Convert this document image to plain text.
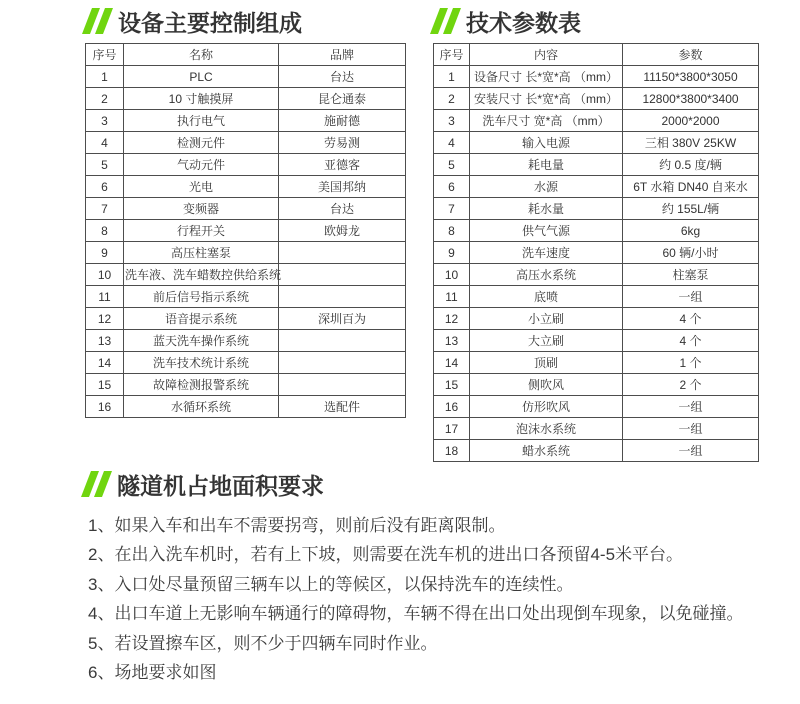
设备主要控制组成
序号	名称	品牌
1	PLC	台达
2	10 寸触摸屏	昆仑通泰
3	执行电气	施耐德
4	检测元件	劳易测
5	气动元件	亚德客
6	光电	美国邦纳
7	变频器	台达
8	行程开关	欧姆龙
9	高压柱塞泵	
10	洗车液、洗车蜡数控供给系统	
11	前后信号指示系统	
12	语音提示系统	深圳百为
13	蓝天洗车操作系统	
14	洗车技术统计系统	
15	故障检测报警系统	
16	水循环系统	选配件
技术参数表
序号	内容	参数
1	设备尺寸 长*宽*高 （mm）	11150*3800*3050
2	安装尺寸 长*宽*高 （mm）	12800*3800*3400
3	洗车尺寸 宽*高 （mm）	2000*2000
4	输入电源	三相 380V 25KW
5	耗电量	约 0.5 度/辆
6	水源	6T 水箱 DN40 自来水
7	耗水量	约 155L/辆
8	供气气源	6kg
9	洗车速度	60 辆/小时
10	高压水系统	柱塞泵
11	底喷	一组
12	小立刷	4 个
13	大立刷	4 个
14	顶刷	1 个
15	侧吹风	2 个
16	仿形吹风	一组
17	泡沫水系统	一组
18	蜡水系统	一组
隧道机占地面积要求
1、如果入车和出车不需要拐弯，则前后没有距离限制。
2、在出入洗车机时，若有上下坡，则需要在洗车机的进出口各预留4-5米平台。
3、入口处尽量预留三辆车以上的等候区，以保持洗车的连续性。
4、出口车道上无影响车辆通行的障碍物，车辆不得在出口处出现倒车现象，以免碰撞。
5、若设置擦车区，则不少于四辆车同时作业。
6、场地要求如图
